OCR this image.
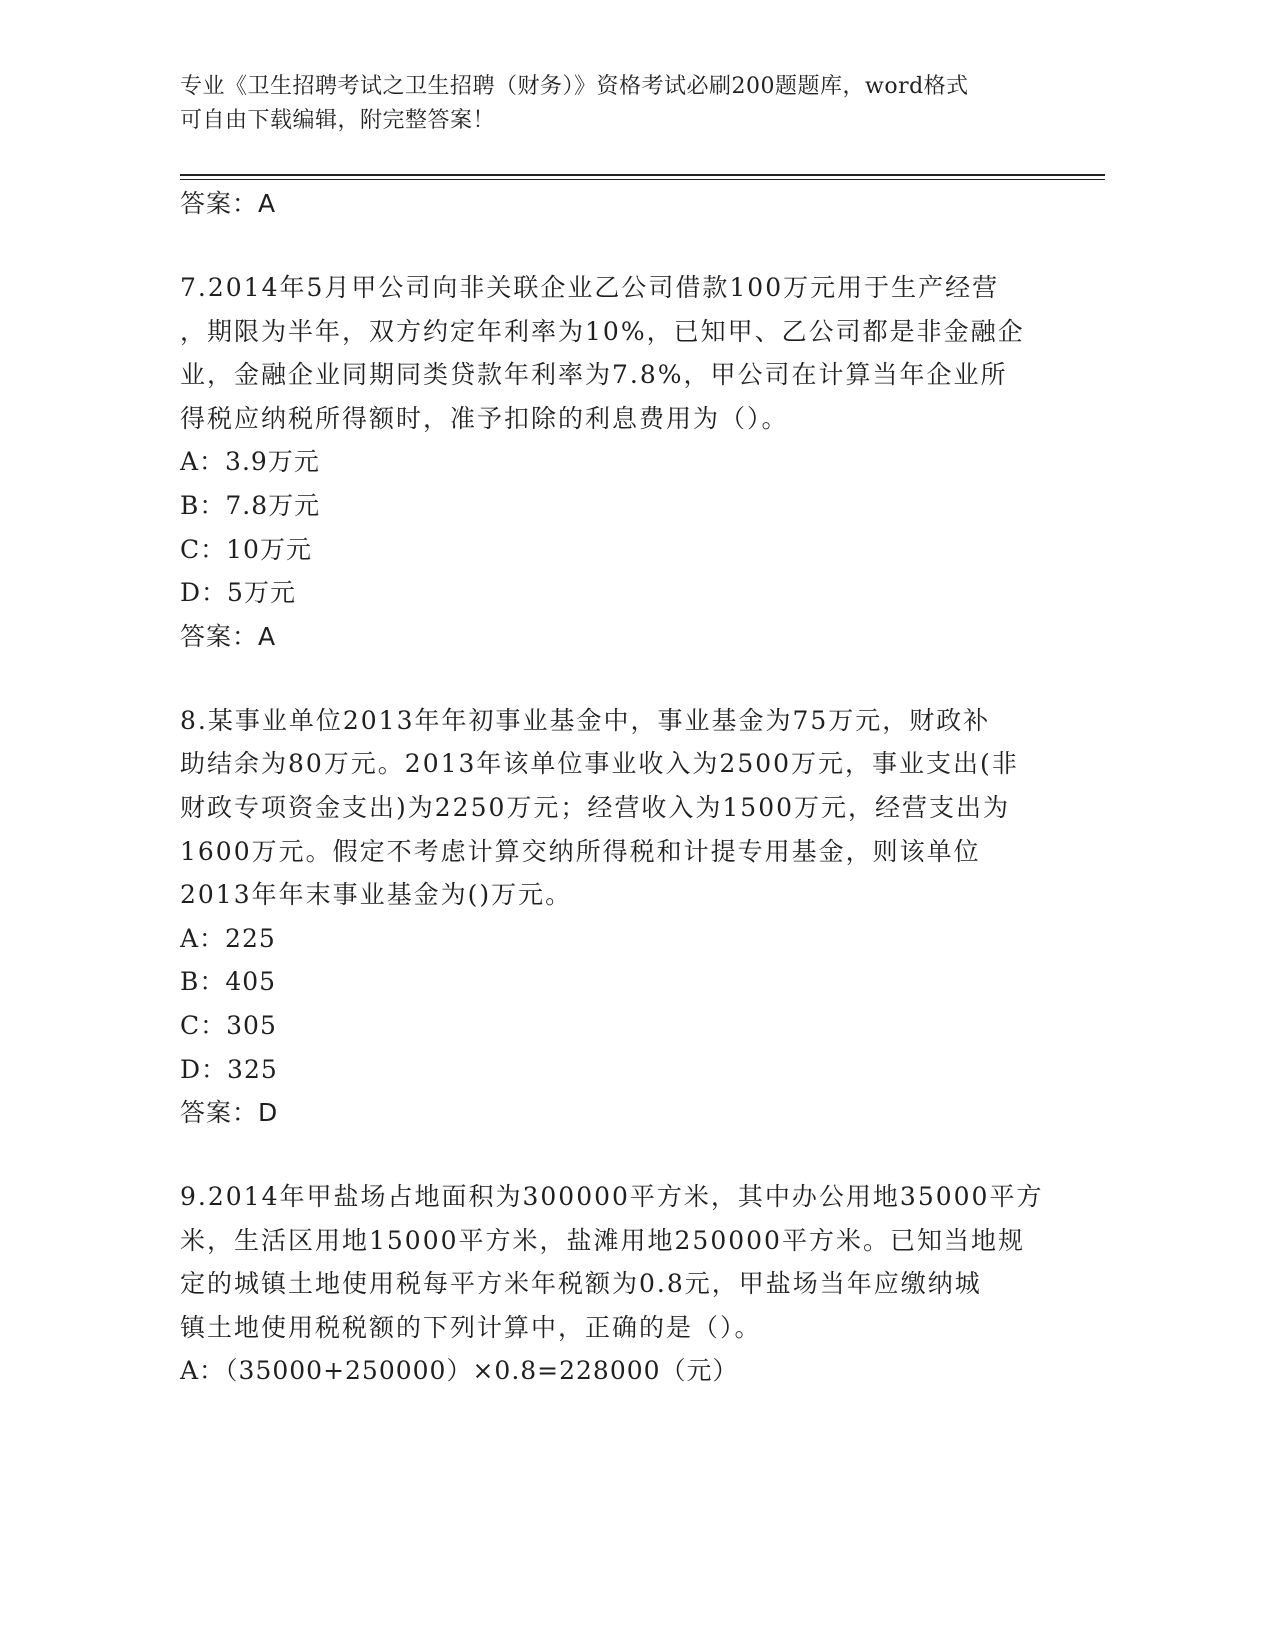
专业《卫生招聘考试之卫生招聘（财务）》资格考试必刷200题题库，word格式
可自由下载编辑，附完整答案！

答案：A

7.2014年5月甲公司向非关联企业乙公司借款100万元用于生产经营

，期限为半年，双方约定年利率为10%，已知甲、乙公司都是非金融企

业，金融企业同期同类贷款年利率为7.8%，甲公司在计算当年企业所

得税应纳税所得额时，准予扣除的利息费用为（）。

A：3.9万元

B：7.8万元

C：10万元

D：5万元

答案：A

8.某事业单位2013年年初事业基金中，事业基金为75万元，财政补

助结余为80万元。2013年该单位事业收入为2500万元，事业支出(非

财政专项资金支出)为2250万元；经营收入为1500万元，经营支出为

1600万元。假定不考虑计算交纳所得税和计提专用基金，则该单位

2013年年末事业基金为()万元。

A：225

B：405

C：305

D：325

答案：D

9.2014年甲盐场占地面积为300000平方米，其中办公用地35000平方

米，生活区用地15000平方米，盐滩用地250000平方米。已知当地规

定的城镇土地使用税每平方米年税额为0.8元，甲盐场当年应缴纳城

镇土地使用税税额的下列计算中，正确的是（）。

A：（35000+250000）×0.8=228000（元）
